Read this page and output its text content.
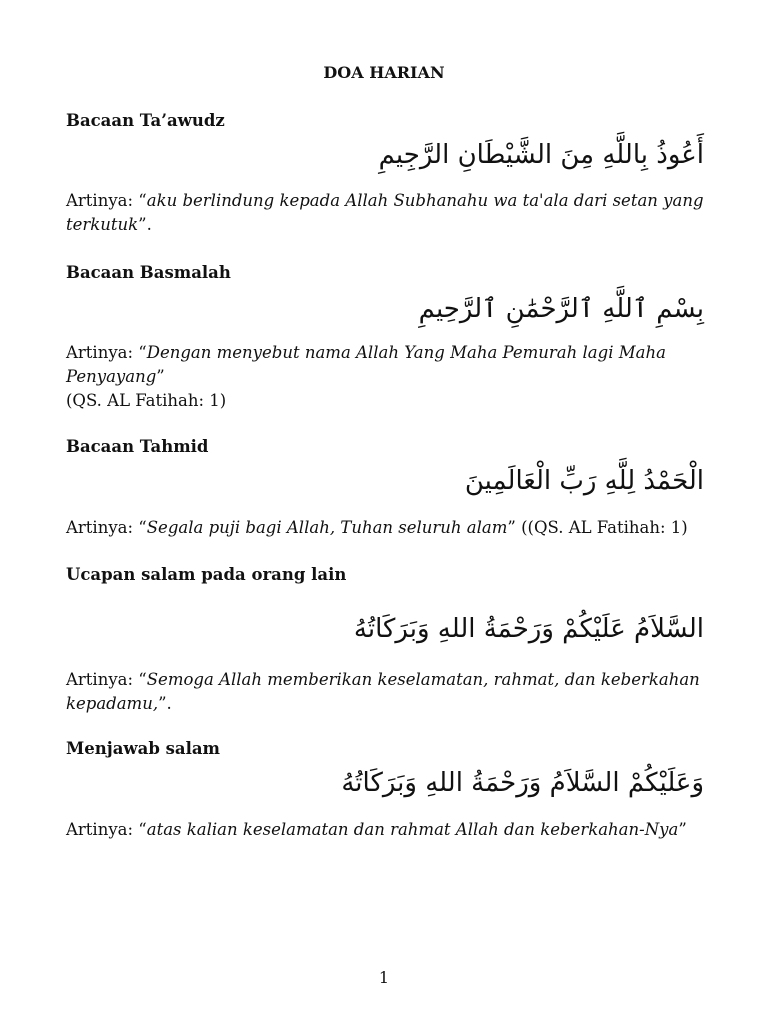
DOA HARIAN
Bacaan Ta’awudz
أَعُوذُ بِاللَّهِ مِنَ الشَّيْطَانِ الرَّجِيمِ
Artinya: “aku berlindung kepada Allah Subhanahu wa ta'ala dari setan yang terkutuk”.
Bacaan Basmalah
بِسْمِ ٱللَّهِ ٱلرَّحْمَٰنِ ٱلرَّحِيمِ
Artinya: “Dengan menyebut nama Allah Yang Maha Pemurah lagi Maha Penyayang”
(QS. AL Fatihah: 1)
Bacaan Tahmid
الْحَمْدُ لِلَّهِ رَبِّ الْعَالَمِينَ
Artinya: “Segala puji bagi Allah, Tuhan seluruh alam” ((QS. AL Fatihah: 1)
Ucapan salam pada orang lain
السَّلاَمُ عَلَيْكُمْ وَرَحْمَةُ اللهِ وَبَرَكَاتُهُ
Artinya: “Semoga Allah memberikan keselamatan, rahmat, dan keberkahan kepadamu,”.
Menjawab salam
وَعَلَيْكُمْ السَّلاَمُ وَرَحْمَةُ اللهِ وَبَرَكَاتُهُ
Artinya: “atas kalian keselamatan dan rahmat Allah dan keberkahan-Nya”
1
